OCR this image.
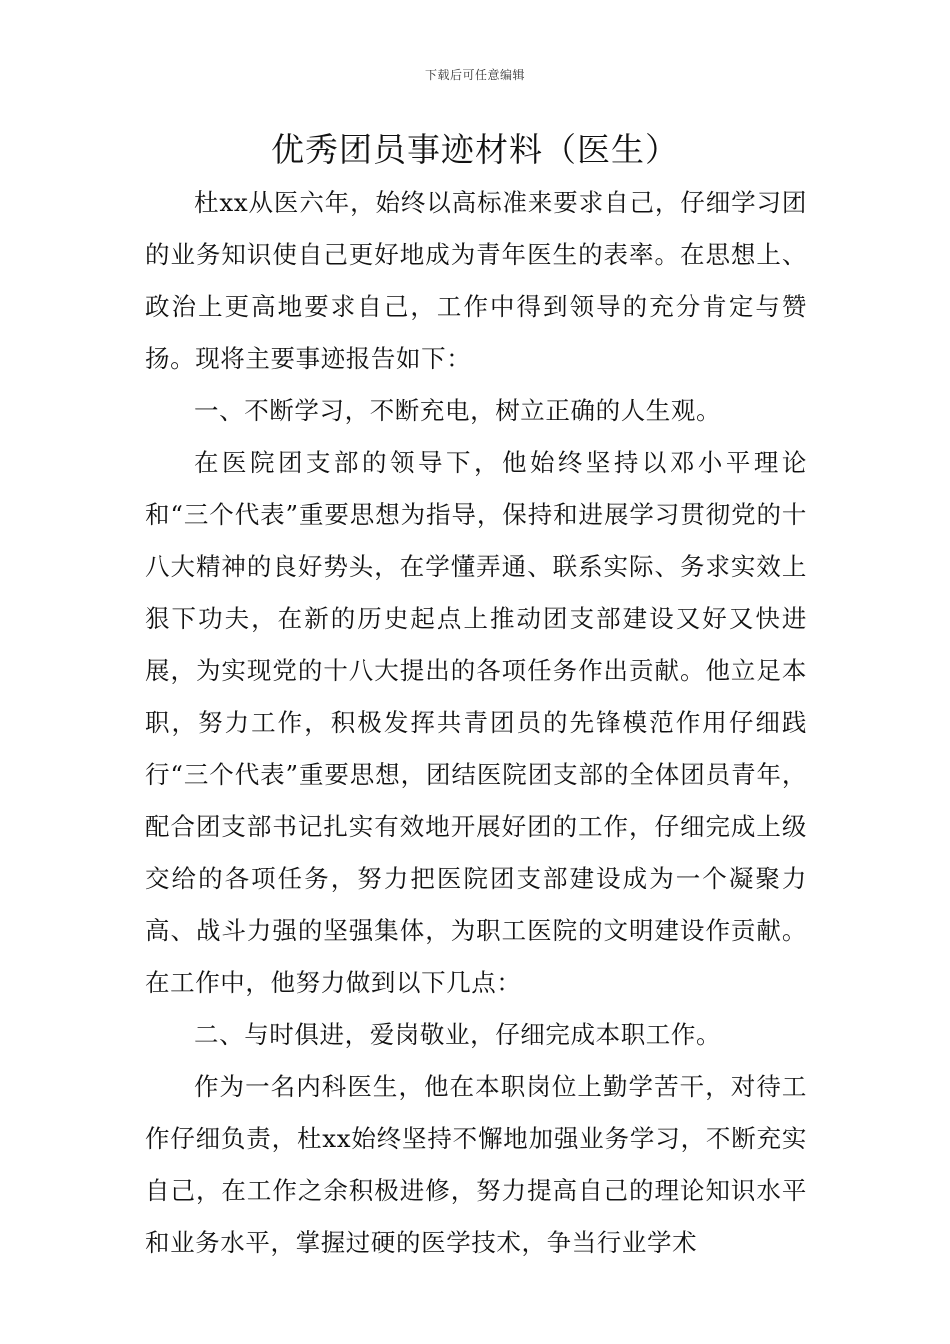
下载后可任意编辑
优秀团员事迹材料（医生）

杜xx从医六年，始终以高标准来要求自己，仔细学习团的业务知识使自己更好地成为青年医生的表率。在思想上、政治上更高地要求自己，工作中得到领导的充分肯定与赞扬。现将主要事迹报告如下：

一、不断学习，不断充电，树立正确的人生观。

在医院团支部的领导下，他始终坚持以邓小平理论和“三个代表”重要思想为指导，保持和进展学习贯彻党的十八大精神的良好势头，在学懂弄通、联系实际、务求实效上狠下功夫，在新的历史起点上推动团支部建设又好又快进展，为实现党的十八大提出的各项任务作出贡献。他立足本职，努力工作，积极发挥共青团员的先锋模范作用仔细践行“三个代表”重要思想，团结医院团支部的全体团员青年，配合团支部书记扎实有效地开展好团的工作，仔细完成上级交给的各项任务，努力把医院团支部建设成为一个凝聚力高、战斗力强的坚强集体，为职工医院的文明建设作贡献。在工作中，他努力做到以下几点：

二、与时俱进，爱岗敬业，仔细完成本职工作。

作为一名内科医生，他在本职岗位上勤学苦干，对待工作仔细负责，杜xx始终坚持不懈地加强业务学习，不断充实自己，在工作之余积极进修，努力提高自己的理论知识水平和业务水平，掌握过硬的医学技术，争当行业学术
